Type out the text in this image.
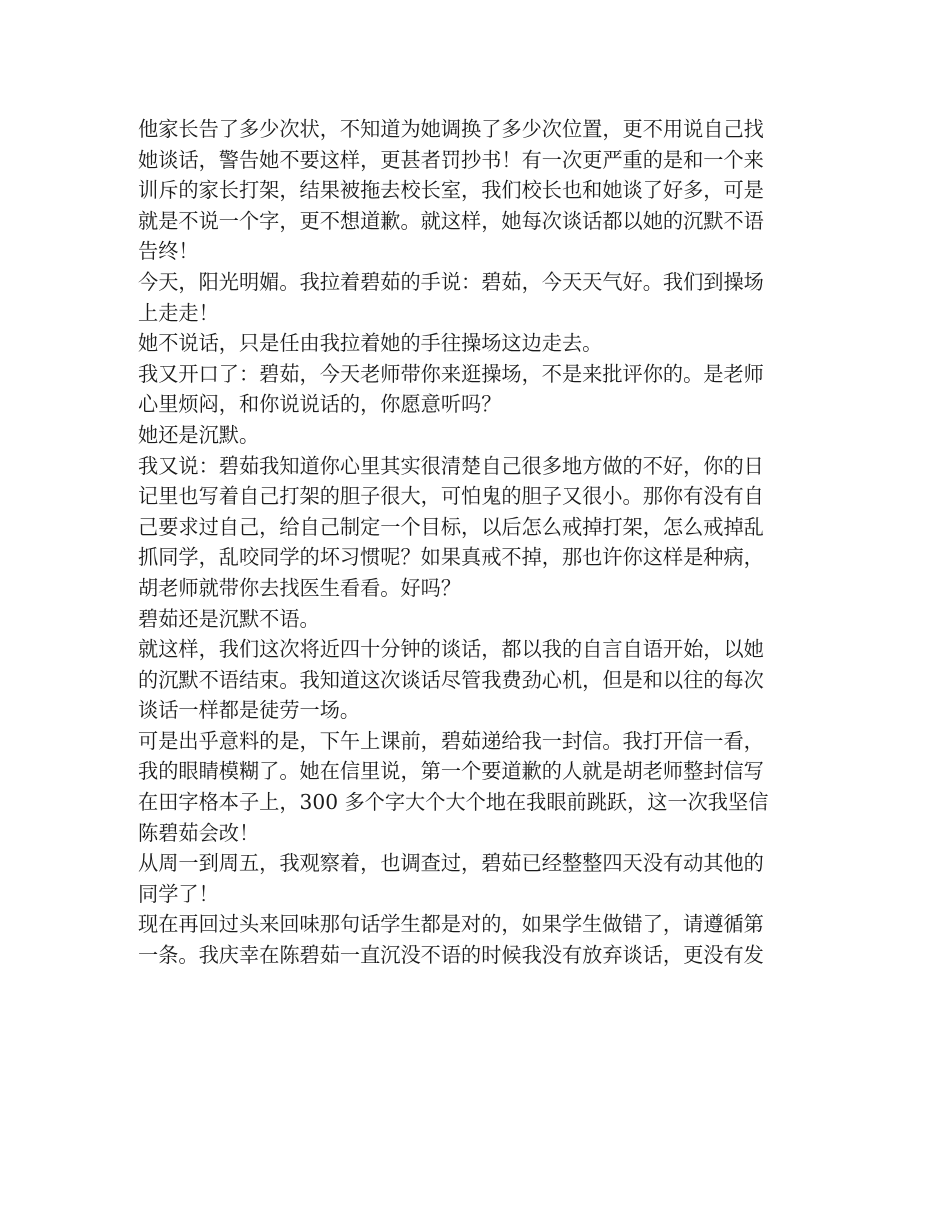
他家长告了多少次状，不知道为她调换了多少次位置，更不用说自己找
她谈话，警告她不要这样，更甚者罚抄书！有一次更严重的是和一个来
训斥的家长打架，结果被拖去校长室，我们校长也和她谈了好多，可是
就是不说一个字，更不想道歉。就这样，她每次谈话都以她的沉默不语
告终！
今天，阳光明媚。我拉着碧茹的手说：碧茹，今天天气好。我们到操场
上走走！
她不说话，只是任由我拉着她的手往操场这边走去。
我又开口了：碧茹，今天老师带你来逛操场，不是来批评你的。是老师
心里烦闷，和你说说话的，你愿意听吗？
她还是沉默。
我又说：碧茹我知道你心里其实很清楚自己很多地方做的不好，你的日
记里也写着自己打架的胆子很大，可怕鬼的胆子又很小。那你有没有自
己要求过自己，给自己制定一个目标，以后怎么戒掉打架，怎么戒掉乱
抓同学，乱咬同学的坏习惯呢？如果真戒不掉，那也许你这样是种病，
胡老师就带你去找医生看看。好吗？
碧茹还是沉默不语。
就这样，我们这次将近四十分钟的谈话，都以我的自言自语开始，以她
的沉默不语结束。我知道这次谈话尽管我费劲心机，但是和以往的每次
谈话一样都是徒劳一场。
可是出乎意料的是，下午上课前，碧茹递给我一封信。我打开信一看，
我的眼睛模糊了。她在信里说，第一个要道歉的人就是胡老师整封信写
在田字格本子上，300 多个字大个大个地在我眼前跳跃，这一次我坚信
陈碧茹会改！
从周一到周五，我观察着，也调查过，碧茹已经整整四天没有动其他的
同学了！
现在再回过头来回味那句话学生都是对的，如果学生做错了，请遵循第
一条。我庆幸在陈碧茹一直沉没不语的时候我没有放弃谈话，更没有发
